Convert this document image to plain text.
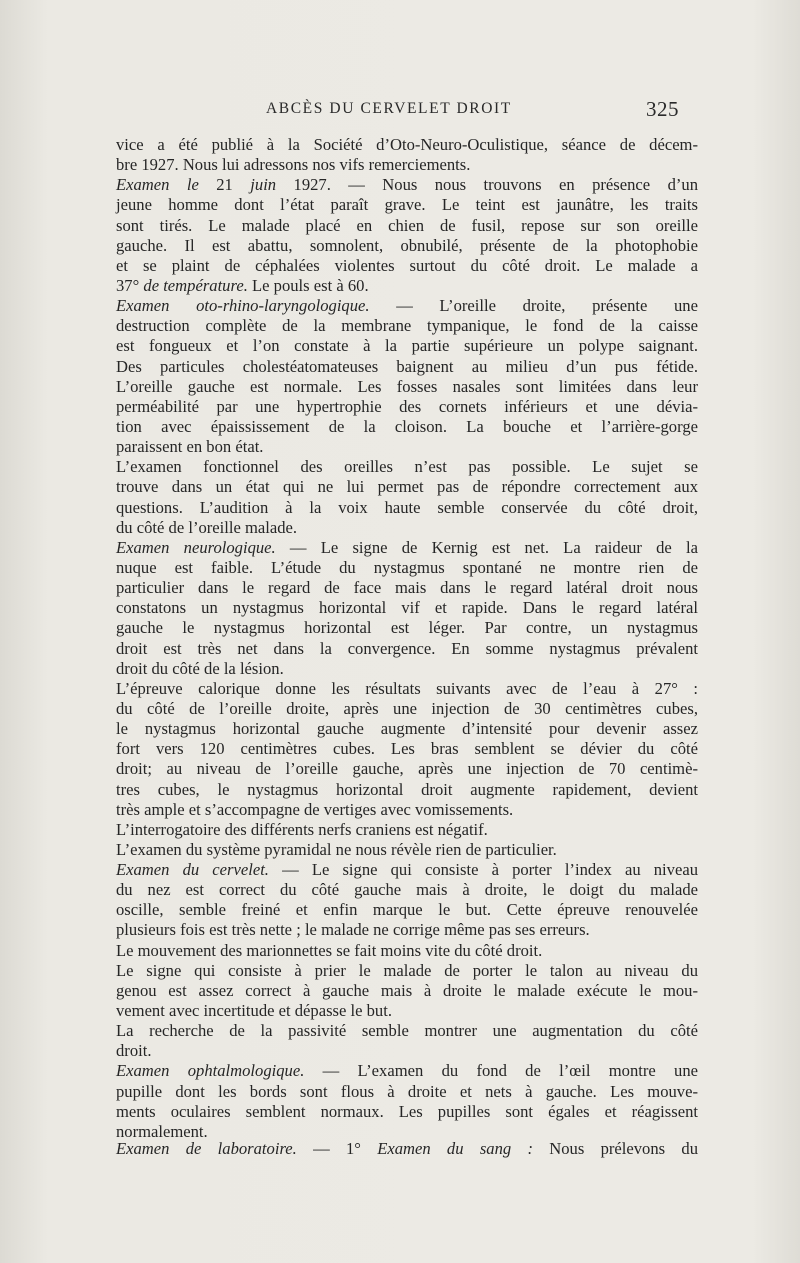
ABCÈS DU CERVELET DROIT	325
vice a été publié à la Société d’Oto-Neuro-Oculistique, séance de décem-
bre 1927. Nous lui adressons nos vifs remerciements.
Examen le 21 juin 1927. — Nous nous trouvons en présence d’un
jeune homme dont l’état paraît grave. Le teint est jaunâtre, les traits
sont tirés. Le malade placé en chien de fusil, repose sur son oreille
gauche. Il est abattu, somnolent, obnubilé, présente de la photophobie
et se plaint de céphalées violentes surtout du côté droit. Le malade a
37° de température. Le pouls est à 60.
Examen oto-rhino-laryngologique. — L’oreille droite, présente une
destruction complète de la membrane tympanique, le fond de la caisse
est fongueux et l’on constate à la partie supérieure un polype saignant.
Des particules cholestéatomateuses baignent au milieu d’un pus fétide.
L’oreille gauche est normale. Les fosses nasales sont limitées dans leur
perméabilité par une hypertrophie des cornets inférieurs et une dévia-
tion avec épaississement de la cloison. La bouche et l’arrière-gorge
paraissent en bon état.
L’examen fonctionnel des oreilles n’est pas possible. Le sujet se
trouve dans un état qui ne lui permet pas de répondre correctement aux
questions. L’audition à la voix haute semble conservée du côté droit,
du côté de l’oreille malade.
Examen neurologique. — Le signe de Kernig est net. La raideur de la
nuque est faible. L’étude du nystagmus spontané ne montre rien de
particulier dans le regard de face mais dans le regard latéral droit nous
constatons un nystagmus horizontal vif et rapide. Dans le regard latéral
gauche le nystagmus horizontal est léger. Par contre, un nystagmus
droit est très net dans la convergence. En somme nystagmus prévalent
droit du côté de la lésion.
L’épreuve calorique donne les résultats suivants avec de l’eau à 27° :
du côté de l’oreille droite, après une injection de 30 centimètres cubes,
le nystagmus horizontal gauche augmente d’intensité pour devenir assez
fort vers 120 centimètres cubes. Les bras semblent se dévier du côté
droit; au niveau de l’oreille gauche, après une injection de 70 centimè-
tres cubes, le nystagmus horizontal droit augmente rapidement, devient
très ample et s’accompagne de vertiges avec vomissements.
L’interrogatoire des différents nerfs craniens est négatif.
L’examen du système pyramidal ne nous révèle rien de particulier.
Examen du cervelet. — Le signe qui consiste à porter l’index au niveau
du nez est correct du côté gauche mais à droite, le doigt du malade
oscille, semble freiné et enfin marque le but. Cette épreuve renouvelée
plusieurs fois est très nette ; le malade ne corrige même pas ses erreurs.
Le mouvement des marionnettes se fait moins vite du côté droit.
Le signe qui consiste à prier le malade de porter le talon au niveau du
genou est assez correct à gauche mais à droite le malade exécute le mou-
vement avec incertitude et dépasse le but.
La recherche de la passivité semble montrer une augmentation du côté
droit.
Examen ophtalmologique. — L’examen du fond de l’œil montre une
pupille dont les bords sont flous à droite et nets à gauche. Les mouve-
ments oculaires semblent normaux. Les pupilles sont égales et réagissent
normalement.
Examen de laboratoire. — 1° Examen du sang : Nous prélevons du
